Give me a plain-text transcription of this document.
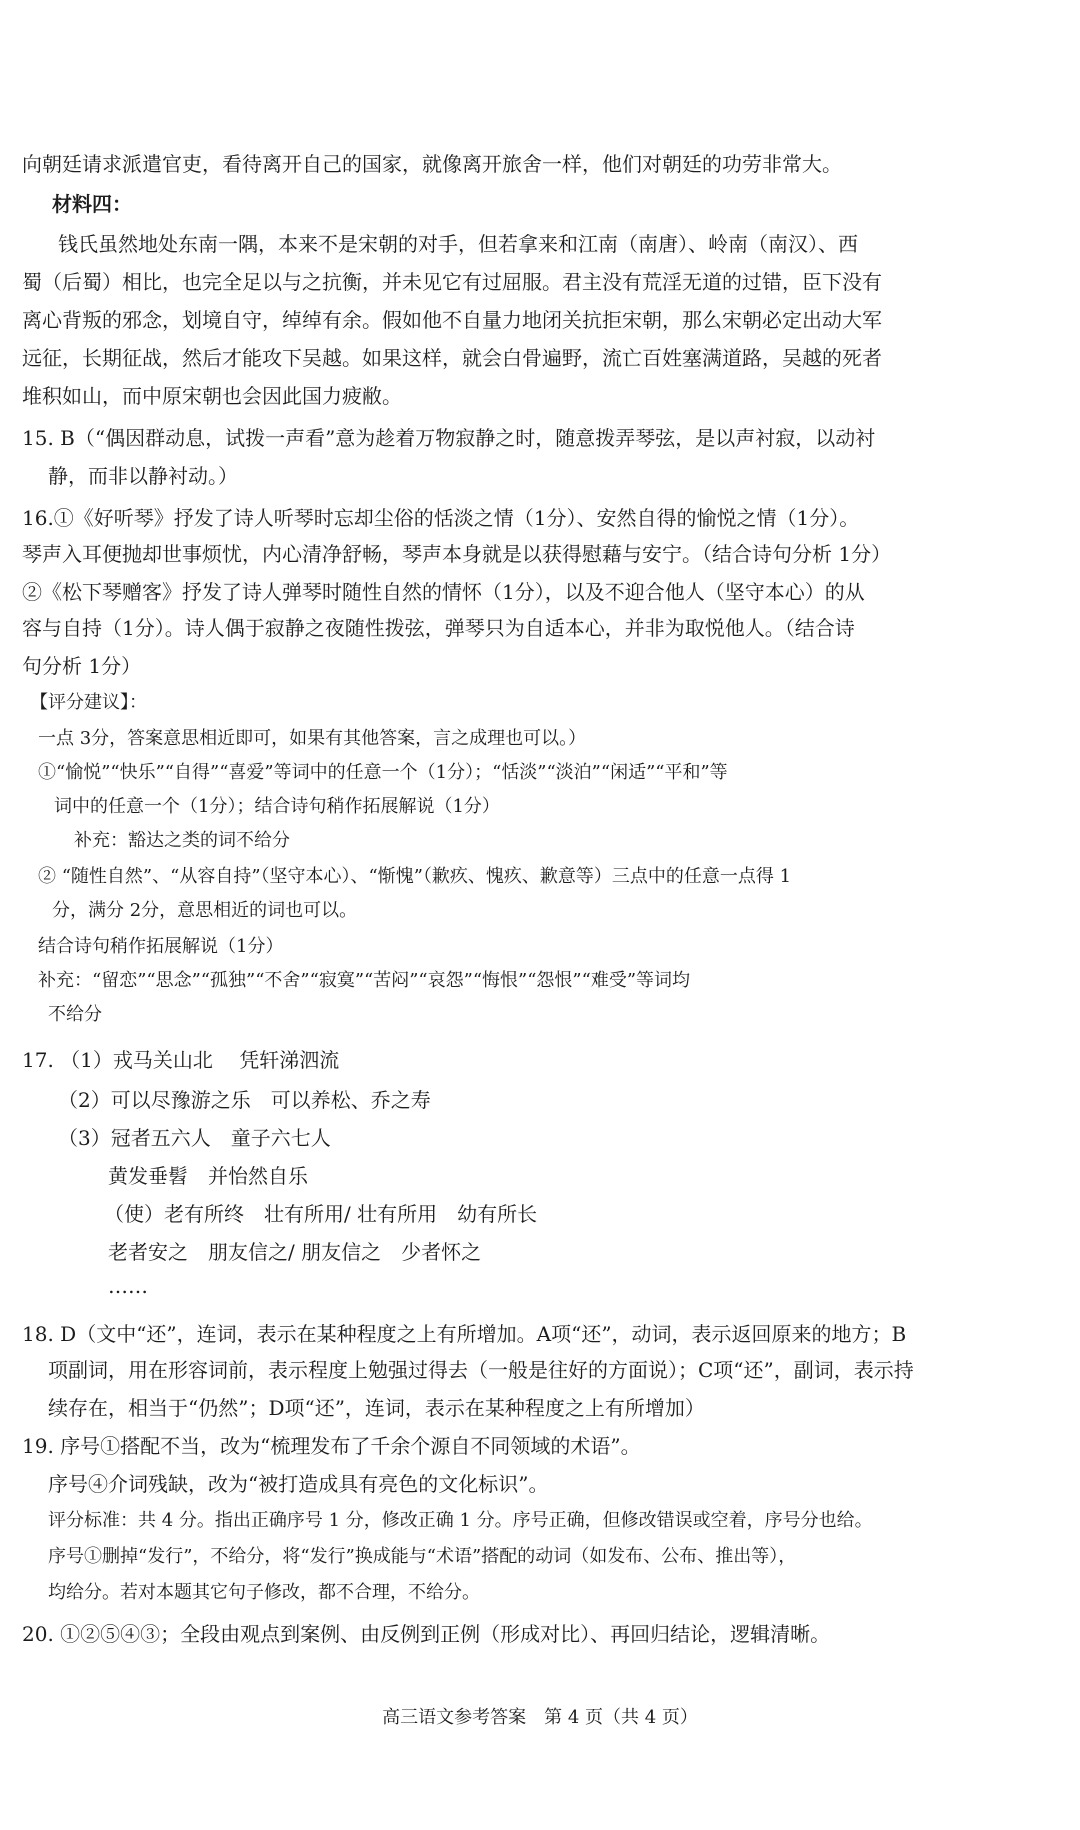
向朝廷请求派遣官吏，看待离开自己的国家，就像离开旅舍一样，他们对朝廷的功劳非常大。
材料四：
钱氏虽然地处东南一隅，本来不是宋朝的对手，但若拿来和江南（南唐）、岭南（南汉）、西
蜀（后蜀）相比，也完全足以与之抗衡，并未见它有过屈服。君主没有荒淫无道的过错，臣下没有
离心背叛的邪念，划境自守，绰绰有余。假如他不自量力地闭关抗拒宋朝，那么宋朝必定出动大军
远征，长期征战，然后才能攻下吴越。如果这样，就会白骨遍野，流亡百姓塞满道路，吴越的死者
堆积如山，而中原宋朝也会因此国力疲敝。
15. B（“偶因群动息，试拨一声看”意为趁着万物寂静之时，随意拨弄琴弦，是以声衬寂，以动衬
静，而非以静衬动。）
16.①《好听琴》抒发了诗人听琴时忘却尘俗的恬淡之情（1分）、安然自得的愉悦之情（1分）。
琴声入耳便抛却世事烦忧，内心清净舒畅，琴声本身就是以获得慰藉与安宁。（结合诗句分析 1分）
②《松下琴赠客》抒发了诗人弹琴时随性自然的情怀（1分），以及不迎合他人（坚守本心）的从
容与自持（1分）。诗人偶于寂静之夜随性拨弦，弹琴只为自适本心，并非为取悦他人。（结合诗
句分析 1分）
【评分建议】：
一点 3分，答案意思相近即可，如果有其他答案，言之成理也可以。）
①“愉悦”“快乐”“自得”“喜爱”等词中的任意一个（1分）；“恬淡”“淡泊”“闲适”“平和”等
词中的任意一个（1分）；结合诗句稍作拓展解说（1分）
补充：豁达之类的词不给分
② “随性自然”、“从容自持”（坚守本心）、“惭愧”（歉疚、愧疚、歉意等）三点中的任意一点得 1
分，满分 2分，意思相近的词也可以。
结合诗句稍作拓展解说（1分）
补充：“留恋”“思念”“孤独”“不舍”“寂寞”“苦闷”“哀怨”“悔恨”“怨恨”“难受”等词均
不给分
17. （1）戎马关山北　 凭轩涕泗流
（2）可以尽豫游之乐　可以养松、乔之寿
（3）冠者五六人　童子六七人
黄发垂髫　并怡然自乐
（使）老有所终　壮有所用/ 壮有所用　幼有所长
老者安之　朋友信之/ 朋友信之　少者怀之
……
18. D（文中“还”，连词，表示在某种程度之上有所增加。A项“还”，动词，表示返回原来的地方；B
项副词，用在形容词前，表示程度上勉强过得去（一般是往好的方面说）；C项“还”，副词，表示持
续存在，相当于“仍然”；D项“还”，连词，表示在某种程度之上有所增加）
19. 序号①搭配不当，改为“梳理发布了千余个源自不同领域的术语”。
序号④介词残缺，改为“被打造成具有亮色的文化标识”。
评分标准：共 4 分。指出正确序号 1 分，修改正确 1 分。序号正确，但修改错误或空着，序号分也给。
序号①删掉“发行”，不给分，将“发行”换成能与“术语”搭配的动词（如发布、公布、推出等），
均给分。若对本题其它句子修改，都不合理，不给分。
20. ①②⑤④③；全段由观点到案例、由反例到正例（形成对比）、再回归结论，逻辑清晰。
高三语文参考答案　第 4 页（共 4 页）
